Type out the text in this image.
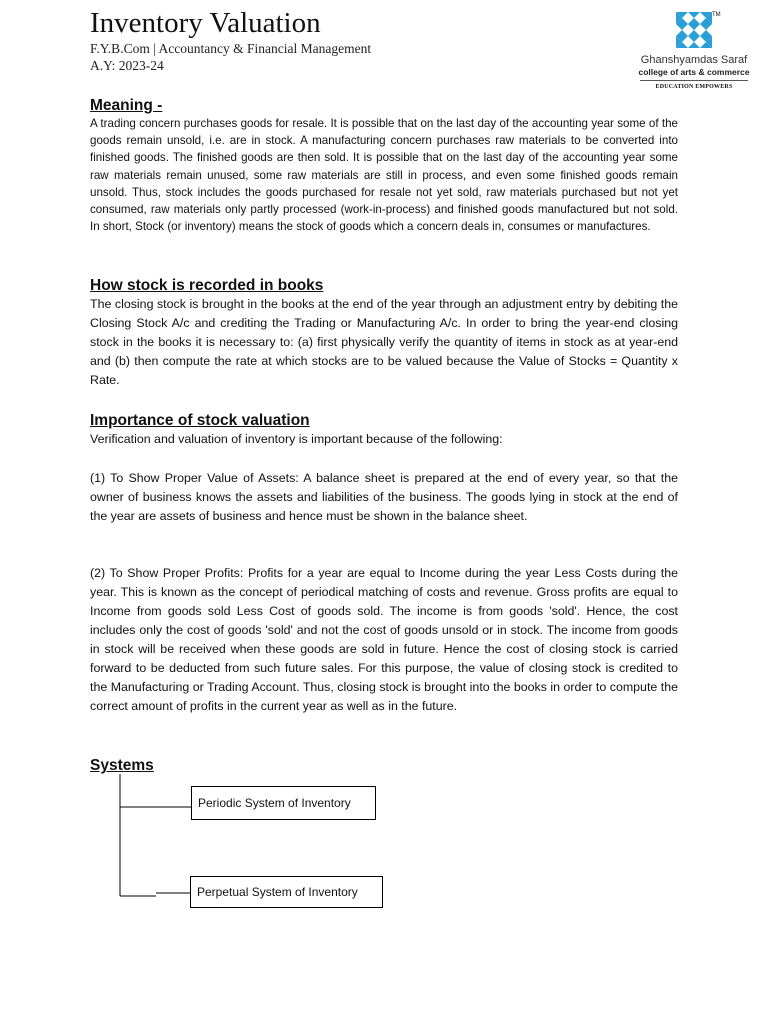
Inventory Valuation
F.Y.B.Com | Accountancy & Financial Management
A.Y: 2023-24
TM
Ghanshyamdas Saraf
college of arts & commerce
EDUCATION EMPOWERS
Meaning -

A trading concern purchases goods for resale. It is possible that on the last day of the accounting year some of the goods remain unsold, i.e. are in stock. A manufacturing concern purchases raw materials to be converted into finished goods. The finished goods are then sold. It is possible that on the last day of the accounting year some raw materials remain unused, some raw materials are still in process, and even some finished goods remain unsold. Thus, stock includes the goods purchased for resale not yet sold, raw materials purchased but not yet consumed, raw materials only partly processed (work-in-process) and finished goods manufactured but not sold. In short, Stock (or inventory) means the stock of goods which a concern deals in, consumes or manufactures.

How stock is recorded in books

The closing stock is brought in the books at the end of the year through an adjustment entry by debiting the Closing Stock A/c and crediting the Trading or Manufacturing A/c. In order to bring the year-end closing stock in the books it is necessary to: (a) first physically verify the quantity of items in stock as at year-end and (b) then compute the rate at which stocks are to be valued because the Value of Stocks = Quantity x Rate.

Importance of stock valuation

Verification and valuation of inventory is important because of the following:

(1) To Show Proper Value of Assets: A balance sheet is prepared at the end of every year, so that the owner of business knows the assets and liabilities of the business. The goods lying in stock at the end of the year are assets of business and hence must be shown in the balance sheet.

(2) To Show Proper Profits: Profits for a year are equal to Income during the year Less Costs during the year. This is known as the concept of periodical matching of costs and revenue. Gross profits are equal to Income from goods sold Less Cost of goods sold. The income is from goods 'sold'. Hence, the cost includes only the cost of goods 'sold' and not the cost of goods unsold or in stock. The income from goods in stock will be received when these goods are sold in future. Hence the cost of closing stock is carried forward to be deducted from such future sales. For this purpose, the value of closing stock is credited to the Manufacturing or Trading Account. Thus, closing stock is brought into the books in order to compute the correct amount of profits in the current year as well as in the future.

Systems
Periodic System of Inventory
Perpetual System of Inventory
